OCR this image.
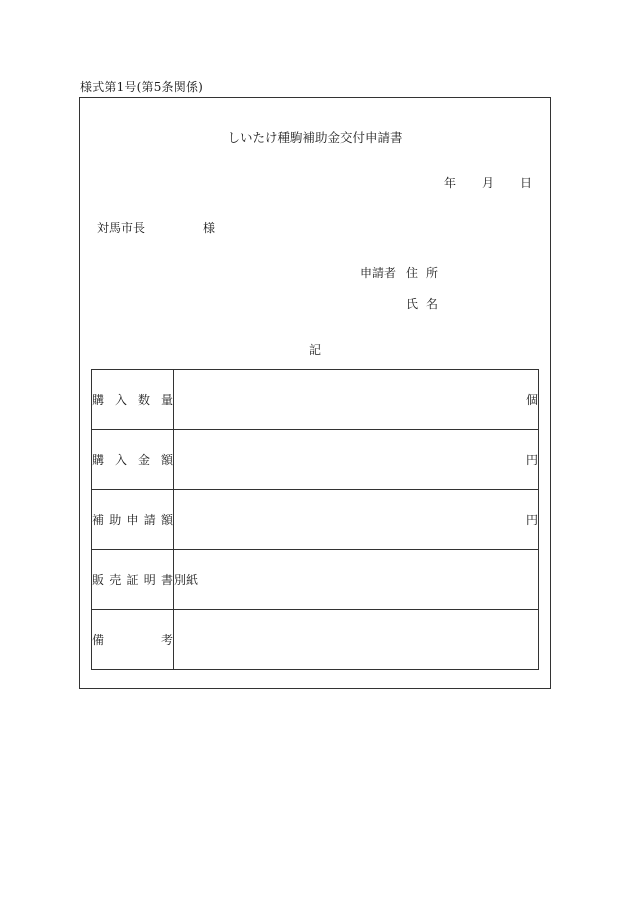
様式第1号(第5条関係)
しいたけ種駒補助金交付申請書
年 月 日
対馬市長	様
申請者 住所
氏名
記
購 入 数 量	個

購 入 金 額	円

補 助 申 請 額	円

販 売 証 明 書	別紙

備 考	
